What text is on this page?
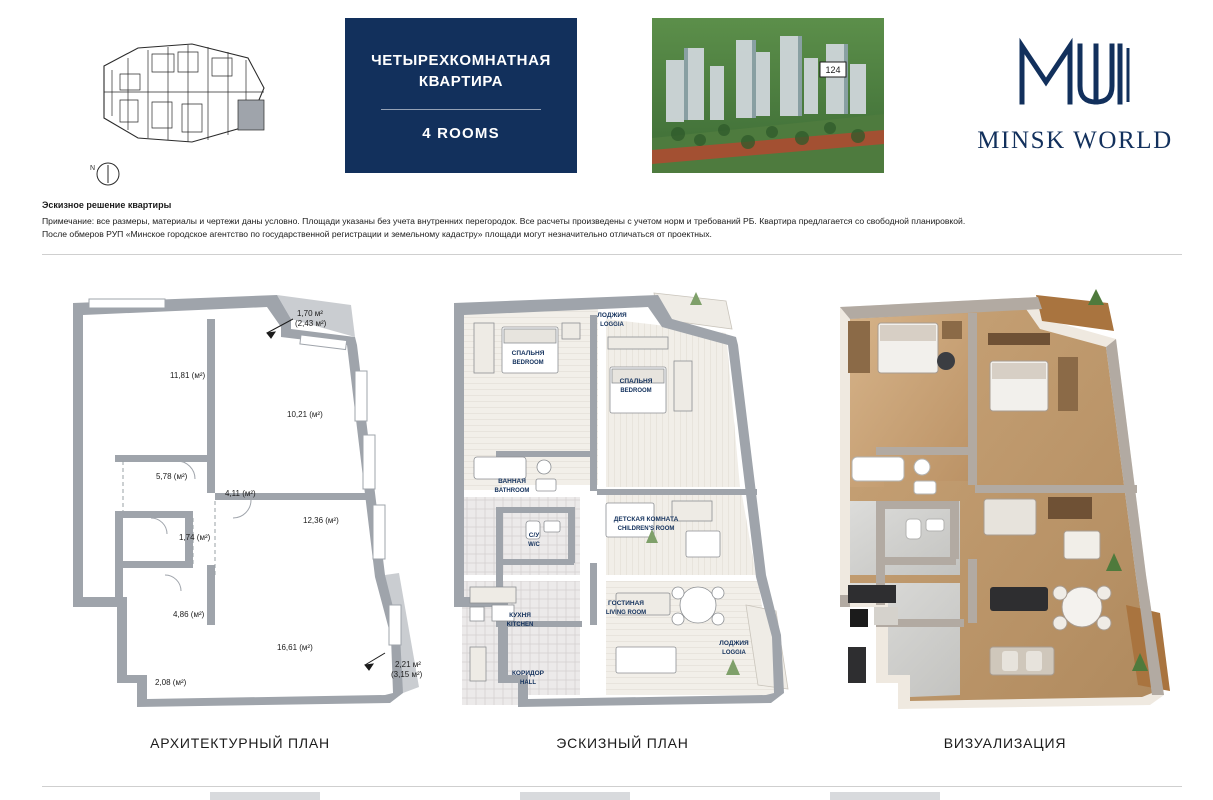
N
ЧЕТЫРЕХКОМНАТНАЯ
КВАРТИРА
4 ROOMS
124
MINSK WORLD
Эскизное решение квартиры
Примечание: все размеры, материалы и чертежи даны условно. Площади указаны без учета внутренних перегородок. Все расчеты произведены с учетом норм и требований РБ. Квартира предлагается со свободной планировкой.
После обмеров РУП «Минское городское агентство по государственной регистрации и земельному кадастру» площади могут незначительно отличаться от проектных.
1,70 м²
(2,43 м²)
11,81 (м²)
10,21 (м²)
5,78 (м²)
4,11 (м²)
12,36 (м²)
1,74 (м²)
4,86 (м²)
16,61 (м²)
2,08 (м²)
2,21 м²
(3,15 м²)
АРХИТЕКТУРНЫЙ ПЛАН
ЛОДЖИЯ
LOGGIA
СПАЛЬНЯ
BEDROOM
СПАЛЬНЯ
BEDROOM
ВАННАЯ
BATHROOM
С/У
W/C
ДЕТСКАЯ КОМНАТА
CHILDREN'S ROOM
ГОСТИНАЯ
LIVING ROOM
КУХНЯ
KITCHEN
КОРИДОР
HALL
ЛОДЖИЯ
LOGGIA
ЭСКИЗНЫЙ ПЛАН	ВИЗУАЛИЗАЦИЯ
